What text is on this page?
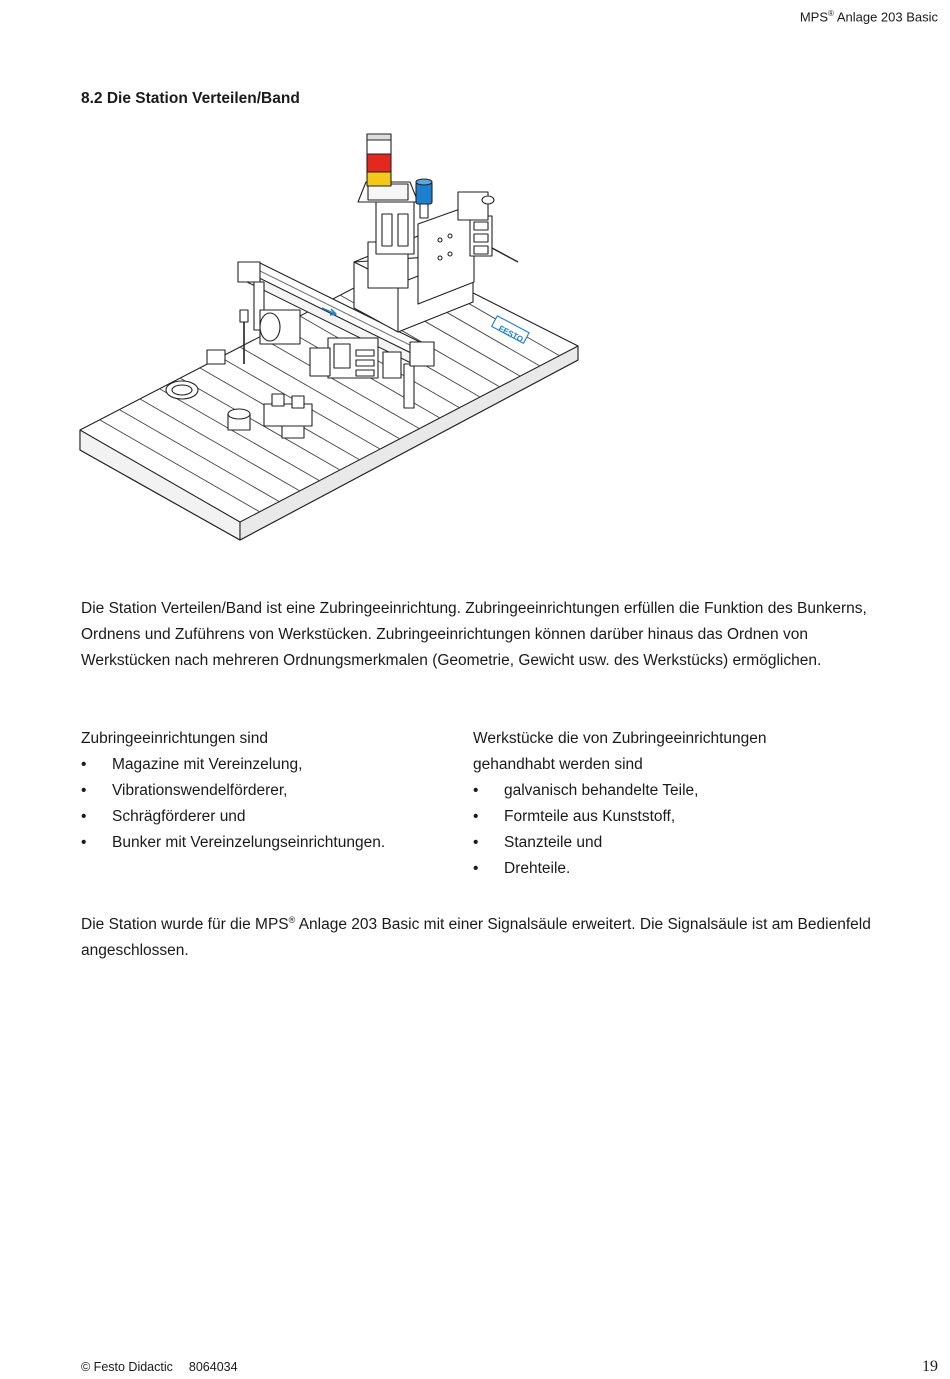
MPS® Anlage 203 Basic
8.2 Die Station Verteilen/Band
FESTO

Die Station Verteilen/Band ist eine Zubringeeinrichtung. Zubringeeinrichtungen erfüllen die Funktion des Bunkerns, Ordnens und Zuführens von Werkstücken. Zubringeeinrichtungen können darüber hinaus das Ordnen von Werkstücken nach mehreren Ordnungsmerkmalen (Geometrie, Gewicht usw. des Werkstücks) ermöglichen.

Zubringeeinrichtungen sind
• Magazine mit Vereinzelung,
• Vibrationswendelförderer,
• Schrägförderer und
• Bunker mit Vereinzelungseinrichtungen.
Werkstücke die von Zubringeeinrichtungen gehandhabt werden sind
• galvanisch behandelte Teile,
• Formteile aus Kunststoff,
• Stanzteile und
• Drehteile.

Die Station wurde für die MPS® Anlage 203 Basic mit einer Signalsäule erweitert. Die Signalsäule ist am Bedienfeld angeschlossen.

© Festo Didactic 8064034	19
